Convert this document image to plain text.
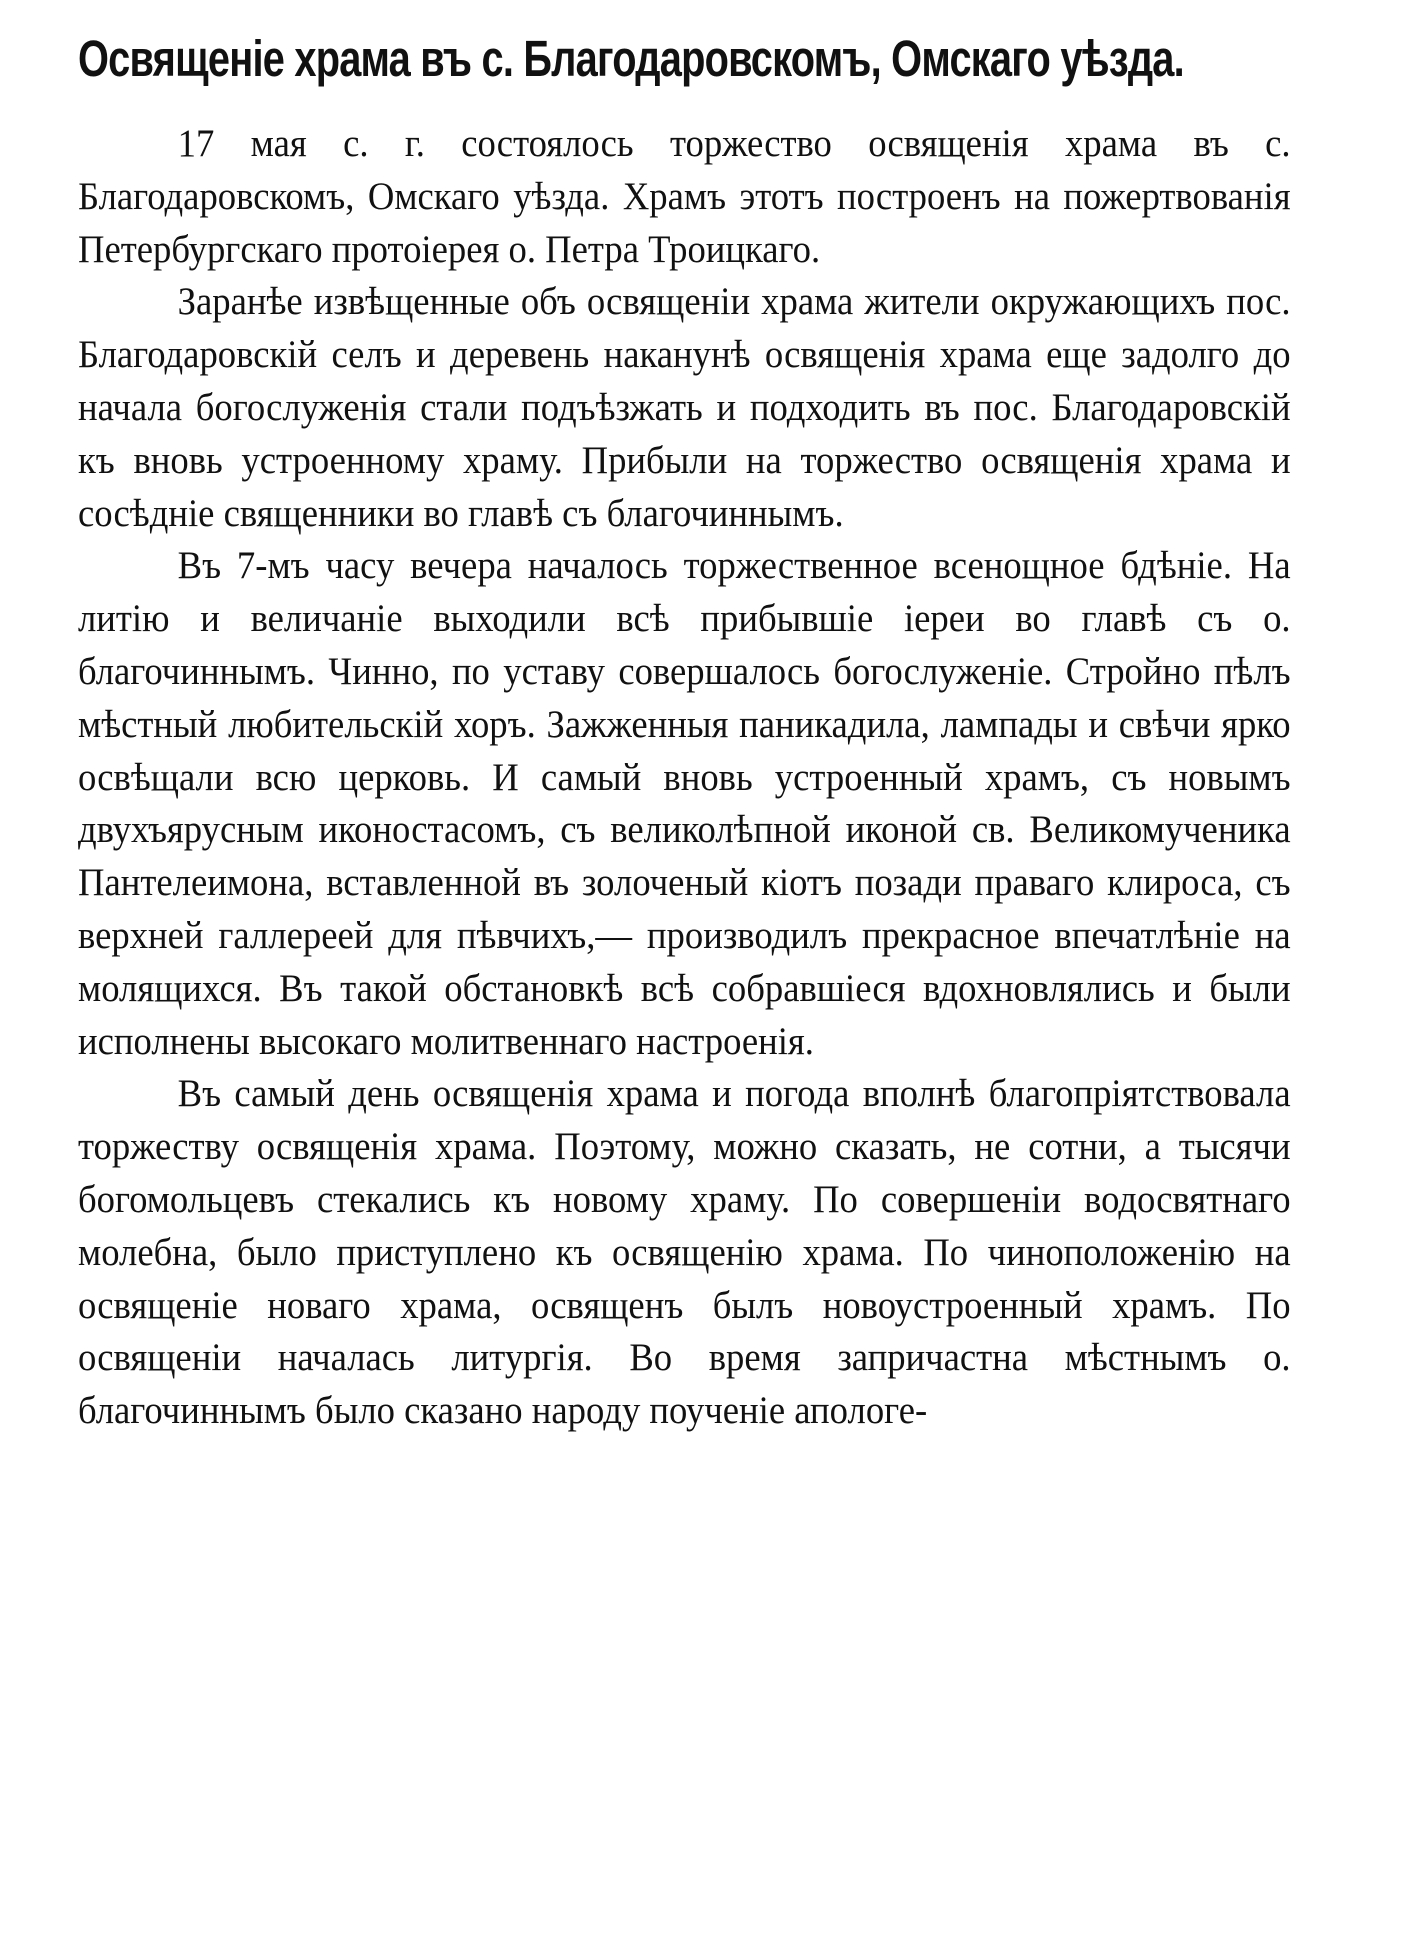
Освященіе храма въ с. Благодаровскомъ, Омскаго уѣзда.

17 мая с. г. состоялось торжество освященія храма въ с. Благодаровскомъ, Омскаго уѣзда. Храмъ этотъ построенъ на пожертвованія Петербургскаго протоіерея о. Петра Троицкаго.

Заранѣе извѣщенные объ освященіи храма жители окружающихъ пос. Благодаровскій селъ и деревень наканунѣ освященія храма еще задолго до начала богослуженія стали подъѣзжать и подходить въ пос. Благодаровскій къ вновь устроенному храму. Прибыли на торжество освященія храма и сосѣдніе священники во главѣ съ благочиннымъ.

Въ 7-мъ часу вечера началось торжественное всенощное бдѣніе. На литію и величаніе выходили всѣ прибывшіе іереи во главѣ съ о. благочиннымъ. Чинно, по уставу совершалось богослуженіе. Стройно пѣлъ мѣстный любительскій хоръ. Зажженныя паникадила, лампады и свѣчи ярко освѣщали всю церковь. И самый вновь устроенный храмъ, съ новымъ двухъярусным иконостасомъ, съ великолѣпной иконой св. Великомученика Пантелеимона, вставленной въ золоченый кіотъ позади праваго клироса, съ верхней галлереей для пѣвчихъ,— производилъ прекрасное впечатлѣніе на молящихся. Въ такой обстановкѣ всѣ собравшіеся вдохновлялись и были исполнены высокаго молитвеннаго настроенія.

Въ самый день освященія храма и погода вполнѣ благопріятствовала торжеству освященія храма. Поэтому, можно сказать, не сотни, а тысячи богомольцевъ стекались къ новому храму. По совершеніи водосвятнаго молебна, было приступлено къ освященію храма. По чиноположенію на освященіе новаго храма, освященъ былъ новоустроенный храмъ. По освященіи началась литургія. Во время запричастна мѣстнымъ о. благочиннымъ было сказано народу поученіе апологе-
